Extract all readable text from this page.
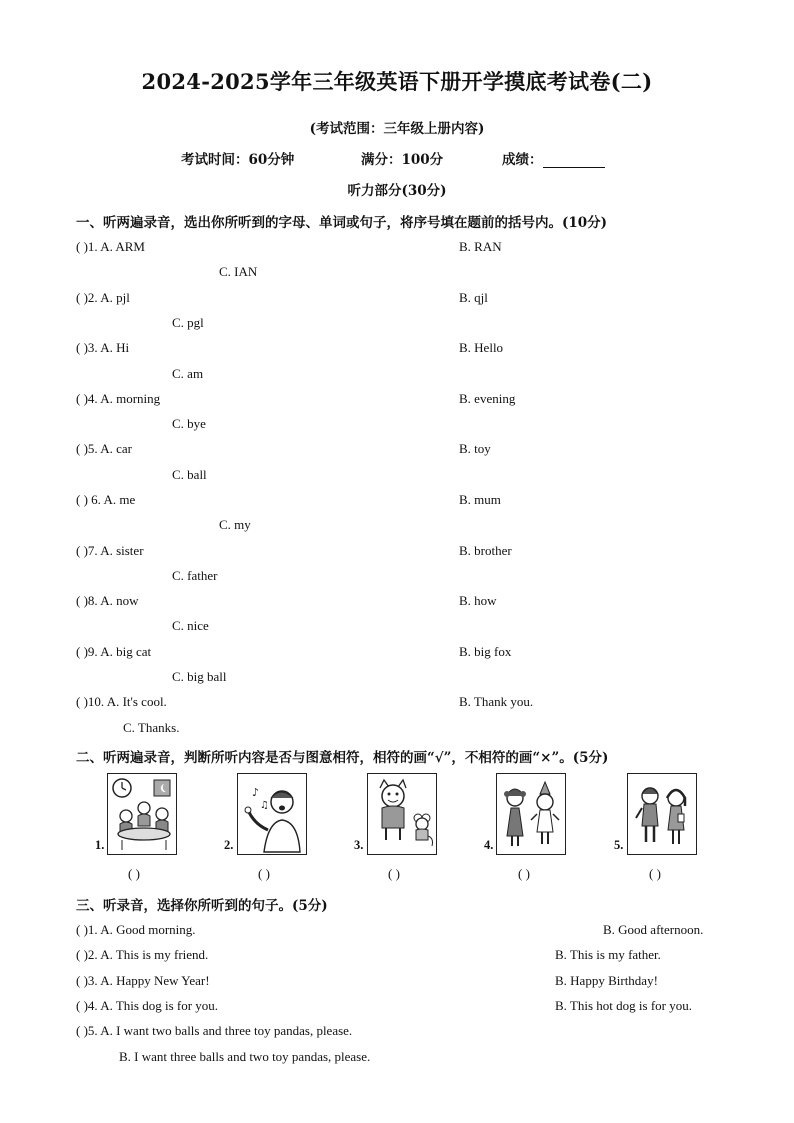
2024-2025学年三年级英语下册开学摸底考试卷(二)
(考试范围：三年级上册内容)
考试时间：60分钟	满分：100分	成绩：
听力部分(30分)
一、听两遍录音，选出你所听到的字母、单词或句子，将序号填在题前的括号内。(10分)
( )1. A. ARM	B. RAN
C. IAN
( )2. A. pjl	B. qjl
C. pgl
( )3. A. Hi	B. Hello
C. am
( )4. A. morning	B. evening
C. bye
( )5. A. car	B. toy
C. ball
( ) 6. A. me	B. mum
C. my
( )7. A. sister	B. brother
C. father
( )8. A. now	B. how
C. nice
( )9. A. big cat	B. big fox
C. big ball
( )10. A. It's cool.	B. Thank you.
C. Thanks.
二、听两遍录音，判断所听内容是否与图意相符，相符的画“√”，不相符的画“×”。(5分)
♪
♫
1.	2.	3.	4.	5.
( )	( )	( )	( )	( )
三、听录音，选择你所听到的句子。(5分)
( )1. A. Good morning.	B. Good afternoon.
( )2. A. This is my friend.	B. This is my father.
( )3. A. Happy New Year!	B. Happy Birthday!
( )4. A. This dog is for you.	B. This hot dog is for you.
( )5. A. I want two balls and three toy pandas, please.
B. I want three balls and two toy pandas, please.
